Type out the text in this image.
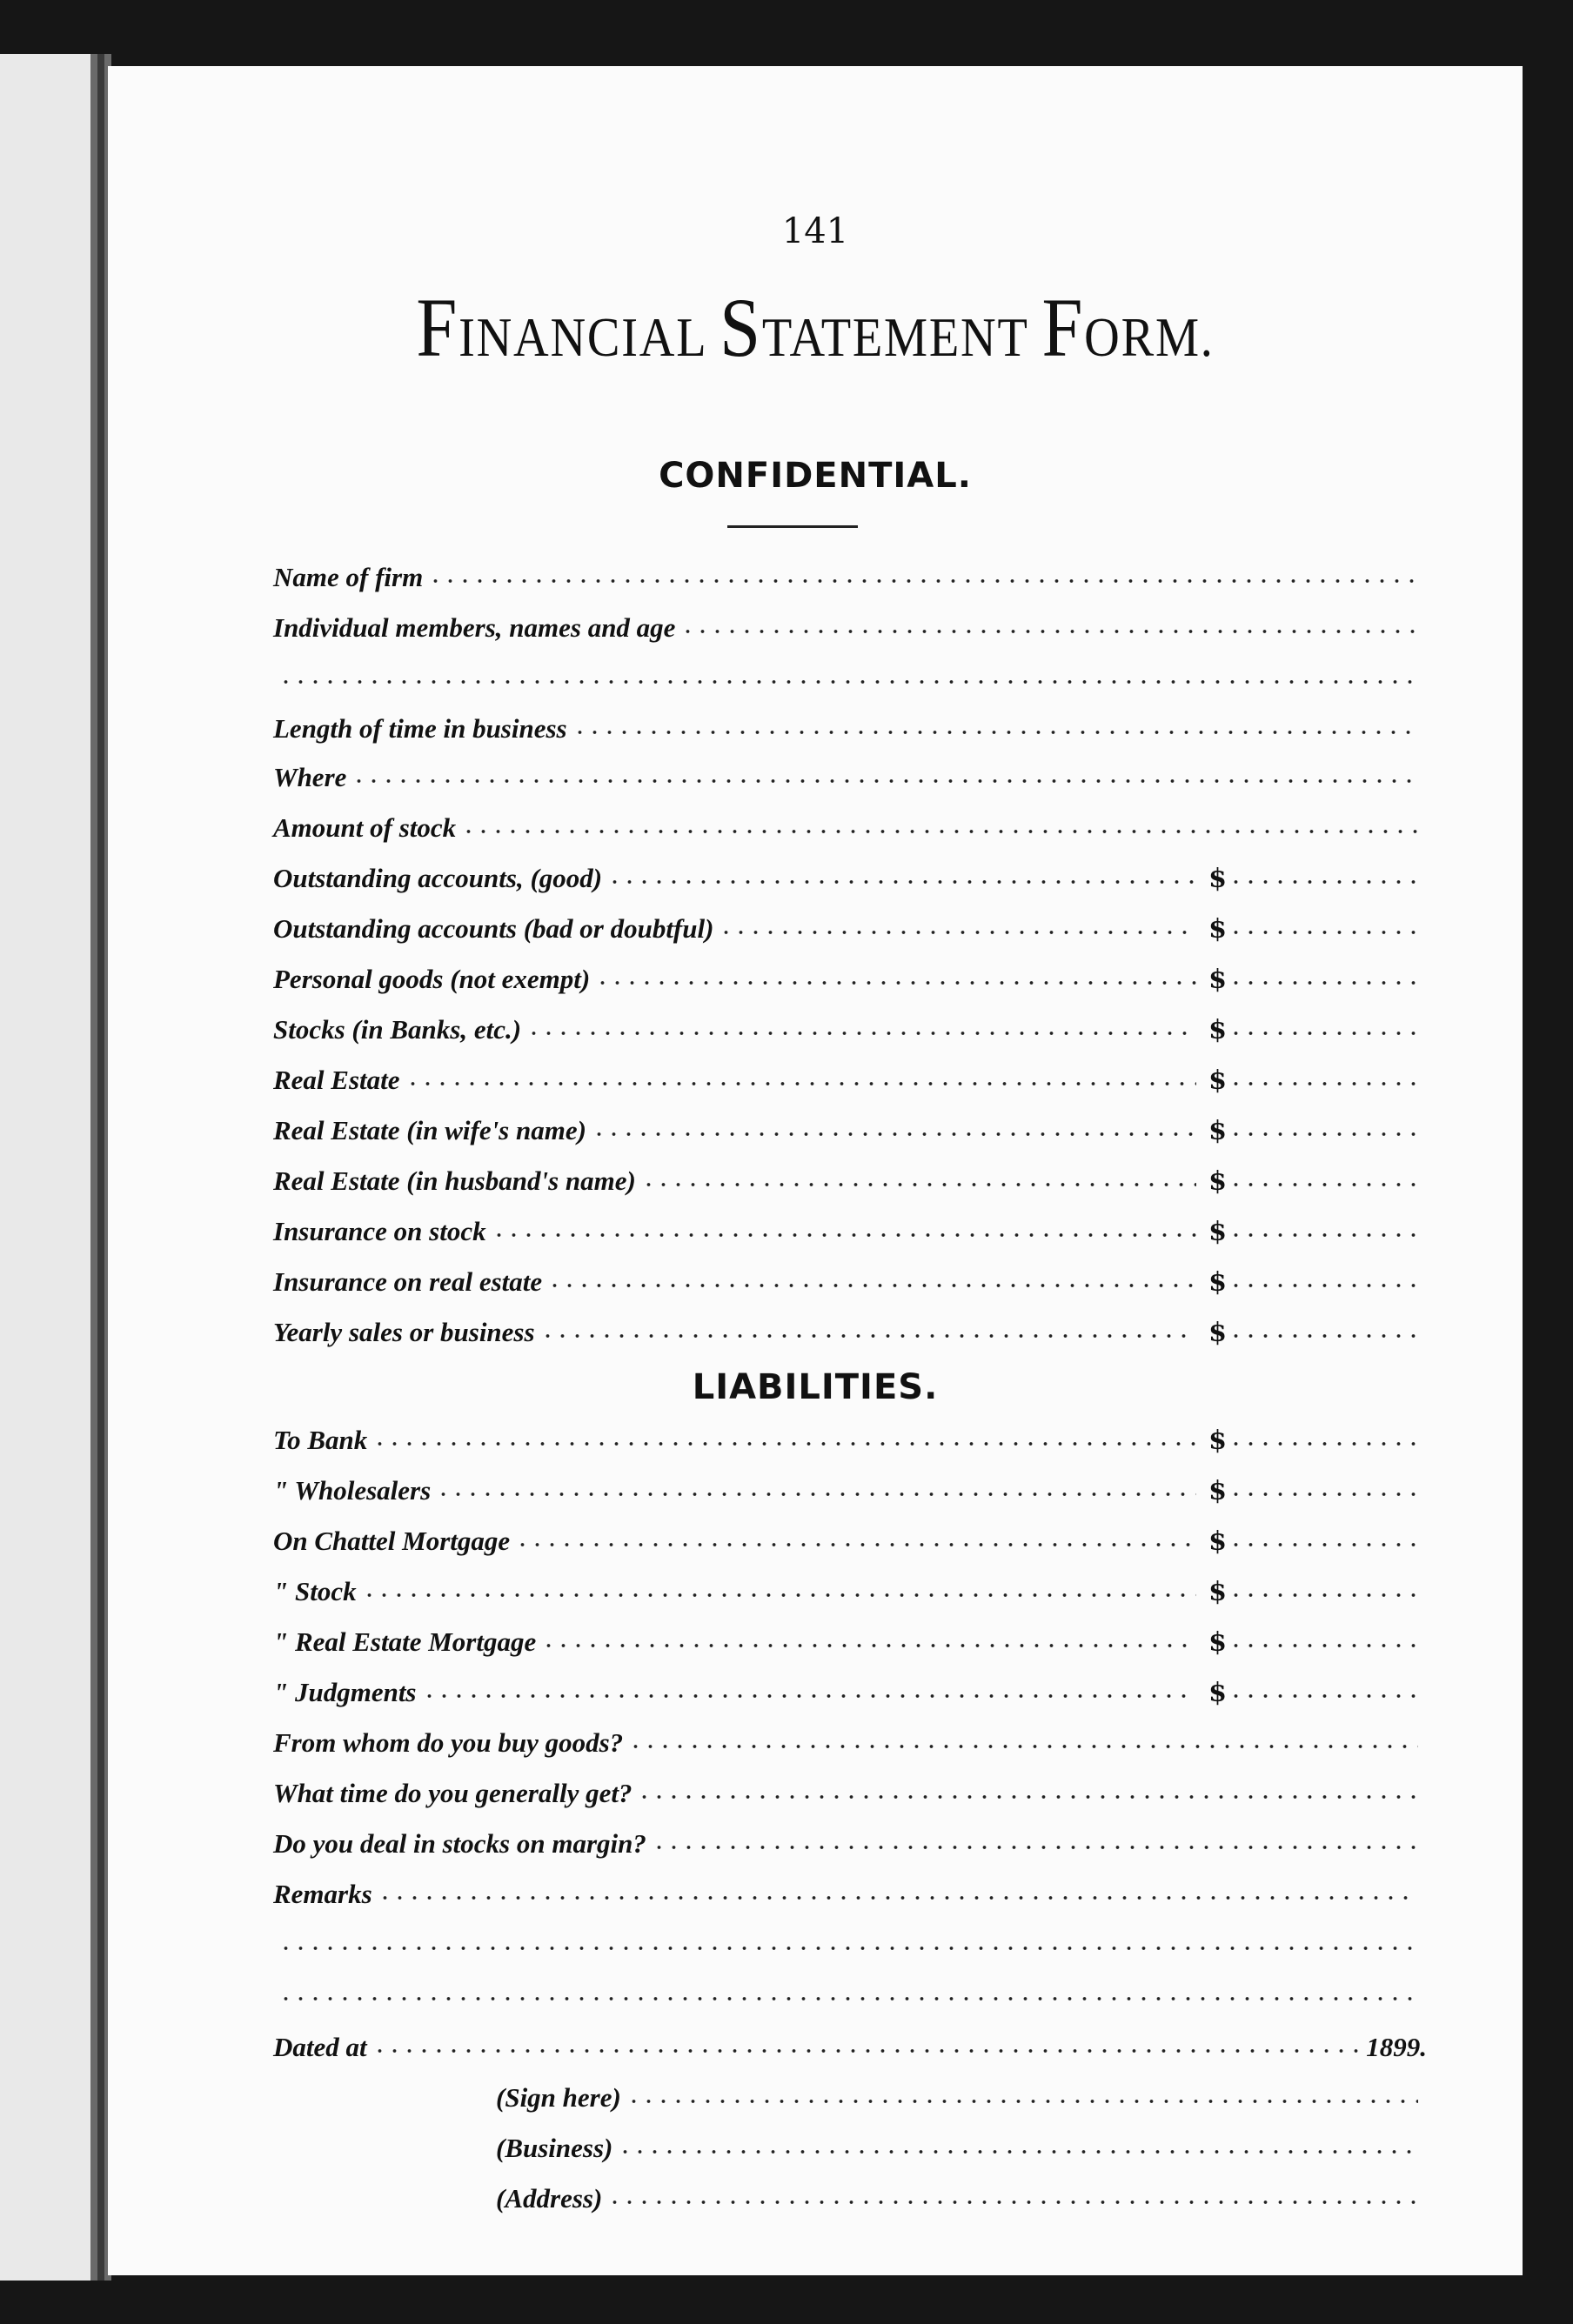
141
FINANCIAL STATEMENT FORM.
CONFIDENTIAL.
Name of firm
Individual members, names and age
Length of time in business
Where
Amount of stock
Outstanding accounts, (good)	$
Outstanding accounts (bad or doubtful)	$
Personal goods (not exempt)	$
Stocks (in Banks, etc.)	$
Real Estate	$
Real Estate (in wife's name)	$
Real Estate (in husband's name)	$
Insurance on stock	$
Insurance on real estate	$
Yearly sales or business	$
LIABILITIES.
To Bank	$
" Wholesalers	$
On Chattel Mortgage	$
" Stock	$
" Real Estate Mortgage	$
" Judgments	$
From whom do you buy goods?
What time do you generally get?
Do you deal in stocks on margin?
Remarks
Dated at	1899.
(Sign here)
(Business)
(Address)
